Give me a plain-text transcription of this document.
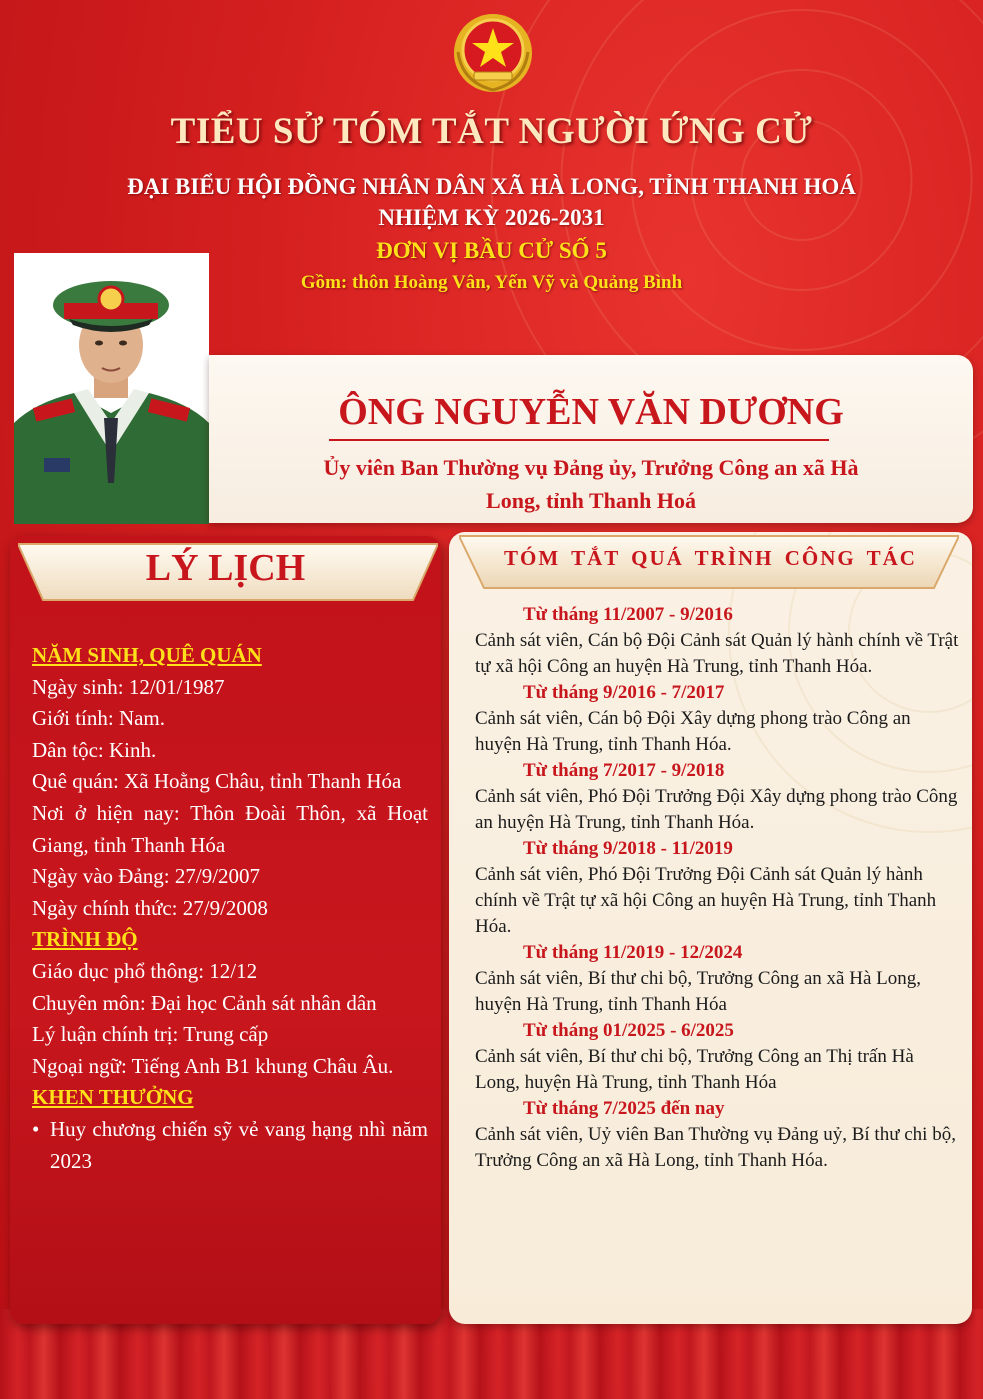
TIỂU SỬ TÓM TẮT NGƯỜI ỨNG CỬ
ĐẠI BIỂU HỘI ĐỒNG NHÂN DÂN XÃ HÀ LONG, TỈNH THANH HOÁ
NHIỆM KỲ 2026-2031
ĐƠN VỊ BẦU CỬ SỐ 5
Gồm: thôn Hoàng Vân, Yến Vỹ và Quảng Bình
ÔNG NGUYỄN VĂN DƯƠNG
Ủy viên Ban Thường vụ Đảng ủy, Trưởng Công an xã Hà
Long, tỉnh Thanh Hoá
LÝ LỊCH
NĂM SINH, QUÊ QUÁN
Ngày sinh: 12/01/1987
Giới tính: Nam.
Dân tộc: Kinh.
Quê quán: Xã Hoằng Châu, tỉnh Thanh Hóa
Nơi ở hiện nay: Thôn Đoài Thôn, xã Hoạt Giang, tỉnh Thanh Hóa
Ngày vào Đảng: 27/9/2007
Ngày chính thức: 27/9/2008
TRÌNH ĐỘ
Giáo dục phổ thông: 12/12
Chuyên môn: Đại học Cảnh sát nhân dân
Lý luận chính trị: Trung cấp
Ngoại ngữ: Tiếng Anh B1 khung Châu Âu.
KHEN THƯỞNG
• Huy chương chiến sỹ vẻ vang hạng nhì năm 2023
TÓM TẮT QUÁ TRÌNH CÔNG TÁC
Từ tháng 11/2007 - 9/2016
Cảnh sát viên, Cán bộ Đội Cảnh sát Quản lý hành chính về Trật tự xã hội Công an huyện Hà Trung, tỉnh Thanh Hóa.
Từ tháng 9/2016 - 7/2017
Cảnh sát viên, Cán bộ Đội Xây dựng phong trào Công an huyện Hà Trung, tỉnh Thanh Hóa.
Từ tháng 7/2017 - 9/2018
Cảnh sát viên, Phó Đội Trưởng Đội Xây dựng phong trào Công an huyện Hà Trung, tỉnh Thanh Hóa.
Từ tháng 9/2018 - 11/2019
Cảnh sát viên, Phó Đội Trưởng Đội Cảnh sát Quản lý hành chính về Trật tự xã hội Công an huyện Hà Trung, tỉnh Thanh Hóa.
Từ tháng 11/2019 - 12/2024
Cảnh sát viên, Bí thư chi bộ, Trưởng Công an xã Hà Long, huyện Hà Trung, tỉnh Thanh Hóa
Từ tháng 01/2025 - 6/2025
Cảnh sát viên, Bí thư chi bộ, Trưởng Công an Thị trấn Hà Long, huyện Hà Trung, tỉnh Thanh Hóa
Từ tháng 7/2025 đến nay
Cảnh sát viên, Uỷ viên Ban Thường vụ Đảng uỷ, Bí thư chi bộ, Trưởng Công an xã Hà Long, tỉnh Thanh Hóa.
